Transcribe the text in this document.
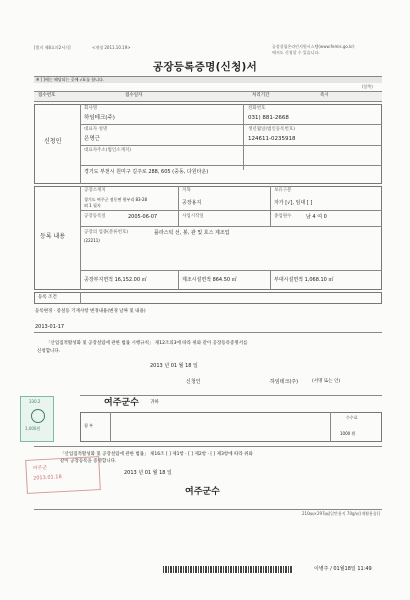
[별지 제8호의2서식]	<개정 2011.10.19>	공장설립온라인지원시스템(www.femis.go.kr)
에서도 신청할 수 있습니다.
공장등록증명(신청)서
※ [ ]에는 해당되는 곳에 √표를 합니다.
(앞쪽)
접수번호	접수일자	처리기간	즉시
신청인
회사명
하임테크(주)
전화번호
031) 881-2668
대표자 성명
은명근
생년월일(법인등록번호)
124611-0235918
대표자주소(법인소재지)
경기도 부천시 원미구 길주로 288, 605 (중동, 다원타운)
등록 내용
공장소재지
경기도 여주군 점동면 원부리 83-28
외 1 필지
지목
공장용지
보유구분
자가 [√], 임대 [ ]
공장등록일	2005-06-07	사업시작일	종업원수	남 4 여 0
공장의 업종(분류번호)	플라스틱 선, 봉, 관 및 호스 제조업
(22211)
공장부지면적 16,152.00 ㎡	제조시설면적 864.50 ㎡	부대시설면적 1,068.10 ㎡
등록 조건
등록변경 · 증설등 기재사항 변경내용(변경 날짜 및 내용)
2013-01-17
「산업집적활성화 및 공장설립에 관한 법률 시행규칙」 제12조의3에 따라 위와 같이 공장등록증명서를
신청합니다.
2013 년 01 월 18 일
신청인	하임테크(주)	(서명 또는 인)
여주군수 귀하
첨 부
수수료
1000 원
「산업집적활성화 및 공장설립에 관한 법률」 제16조 [ ] 제1항 · [ ] 제2항 · [ ] 제3항에 따라 위와
같이 공장등록을 증명합니다.
2013 년 01 월 18 일
여주군수
210㎜×297㎜[일반용지 70g/㎡(재활용품)]
이병주 / 01월18일 11:49
330.2
1,000원
여주군
2013.01.18
